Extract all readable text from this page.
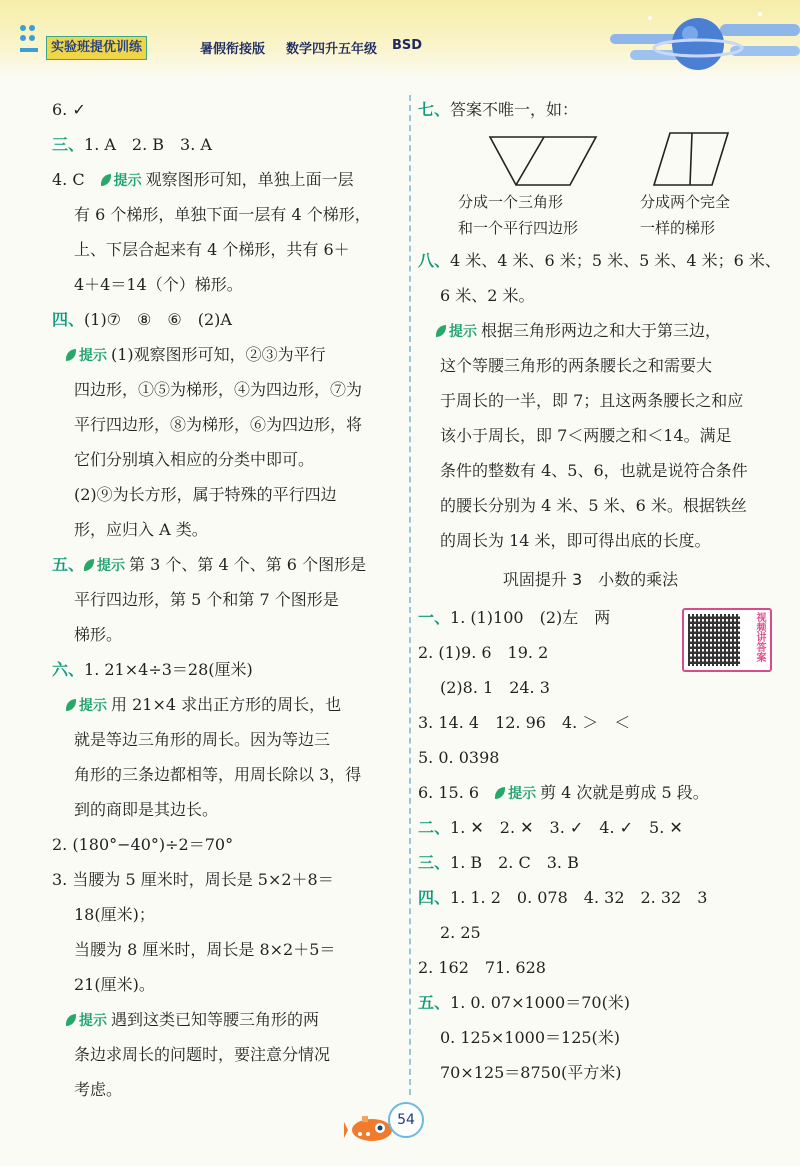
实验班提优训练	暑假衔接版 数学四升五年级 BSD
6. ✓
三、1. A　2. B　3. A
4. C　 提示 观察图形可知，单独上面一层
有 6 个梯形，单独下面一层有 4 个梯形，
上、下层合起来有 4 个梯形，共有 6＋
4＋4＝14（个）梯形。
四、(1)⑦　⑧　⑥　(2)A
提示 (1)观察图形可知，②③为平行
四边形，①⑤为梯形，④为四边形，⑦为
平行四边形，⑧为梯形，⑥为四边形，将
它们分别填入相应的分类中即可。
(2)⑨为长方形，属于特殊的平行四边
形，应归入 A 类。
五、 提示 第 3 个、第 4 个、第 6 个图形是
平行四边形，第 5 个和第 7 个图形是
梯形。
六、1. 21×4÷3＝28(厘米)
提示 用 21×4 求出正方形的周长，也
就是等边三角形的周长。因为等边三
角形的三条边都相等，用周长除以 3，得
到的商即是其边长。
2. (180°−40°)÷2＝70°
3. 当腰为 5 厘米时，周长是 5×2＋8＝
18(厘米)；
当腰为 8 厘米时，周长是 8×2＋5＝
21(厘米)。
提示 遇到这类已知等腰三角形的两
条边求周长的问题时，要注意分情况
考虑。
七、答案不唯一，如：
分成一个三角形
和一个平行四边形
分成两个完全
一样的梯形
八、4 米、4 米、6 米；5 米、5 米、4 米；6 米、
6 米、2 米。
提示 根据三角形两边之和大于第三边，
这个等腰三角形的两条腰长之和需要大
于周长的一半，即 7；且这两条腰长之和应
该小于周长，即 7＜两腰之和＜14。满足
条件的整数有 4、5、6，也就是说符合条件
的腰长分别为 4 米、5 米、6 米。根据铁丝
的周长为 14 米，即可得出底的长度。
巩固提升 3　小数的乘法
一、1. (1)100　(2)左　两
2. (1)9. 6　19. 2
(2)8. 1　24. 3
3. 14. 4　12. 96　4. ＞　＜
5. 0. 0398
6. 15. 6　 提示 剪 4 次就是剪成 5 段。
二、1. ✕　2. ✕　3. ✓　4. ✓　5. ✕
三、1. B　2. C　3. B
四、1. 1. 2　0. 078　4. 32　2. 32　3
2. 25
2. 162　71. 628
五、1. 0. 07×1000＝70(米)
0. 125×1000＝125(米)
70×125＝8750(平方米)
视频讲答案
54
